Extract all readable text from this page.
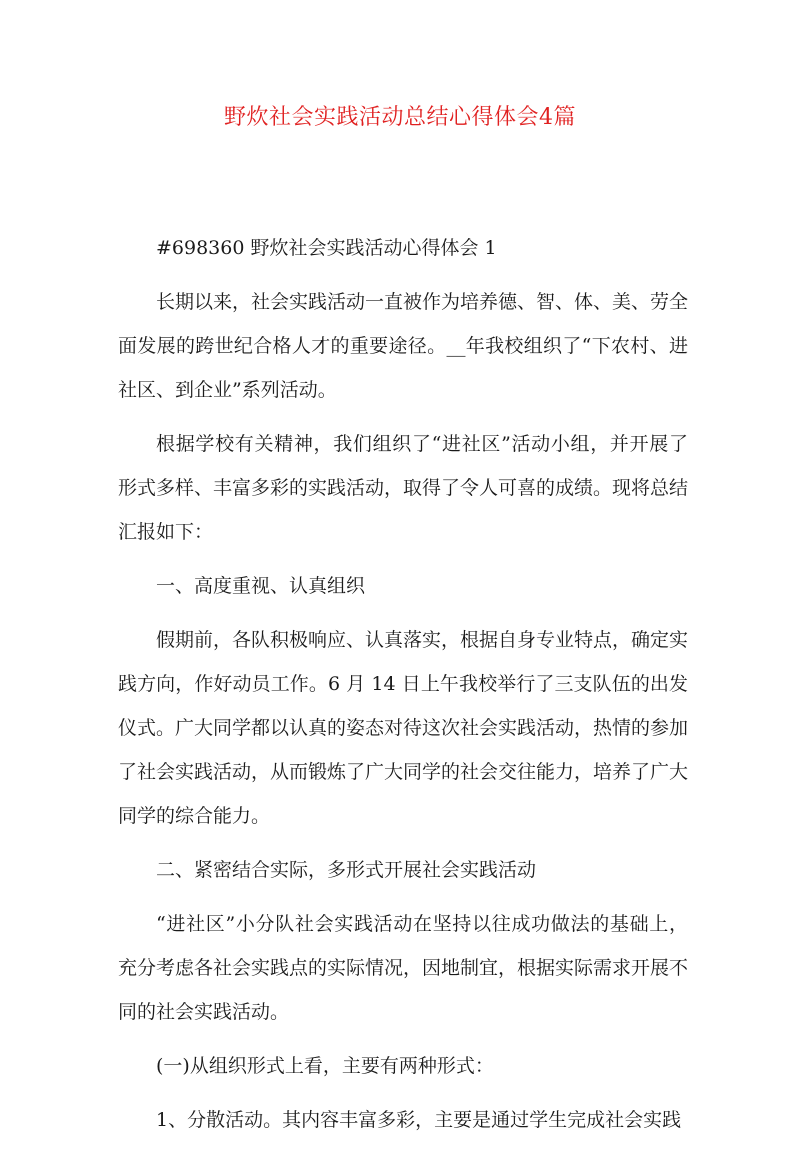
野炊社会实践活动总结心得体会4篇

#698360 野炊社会实践活动心得体会 1

长期以来，社会实践活动一直被作为培养德、智、体、美、劳全面发展的跨世纪合格人才的重要途径。__年我校组织了“下农村、进社区、到企业”系列活动。

根据学校有关精神，我们组织了“进社区”活动小组，并开展了形式多样、丰富多彩的实践活动，取得了令人可喜的成绩。现将总结汇报如下：

一、高度重视、认真组织

假期前，各队积极响应、认真落实，根据自身专业特点，确定实践方向，作好动员工作。6 月 14 日上午我校举行了三支队伍的出发仪式。广大同学都以认真的姿态对待这次社会实践活动，热情的参加了社会实践活动，从而锻炼了广大同学的社会交往能力，培养了广大同学的综合能力。

二、紧密结合实际，多形式开展社会实践活动

“进社区”小分队社会实践活动在坚持以往成功做法的基础上，充分考虑各社会实践点的实际情况，因地制宜，根据实际需求开展不同的社会实践活动。

(一)从组织形式上看，主要有两种形式：

1、分散活动。其内容丰富多彩，主要是通过学生完成社会实践
